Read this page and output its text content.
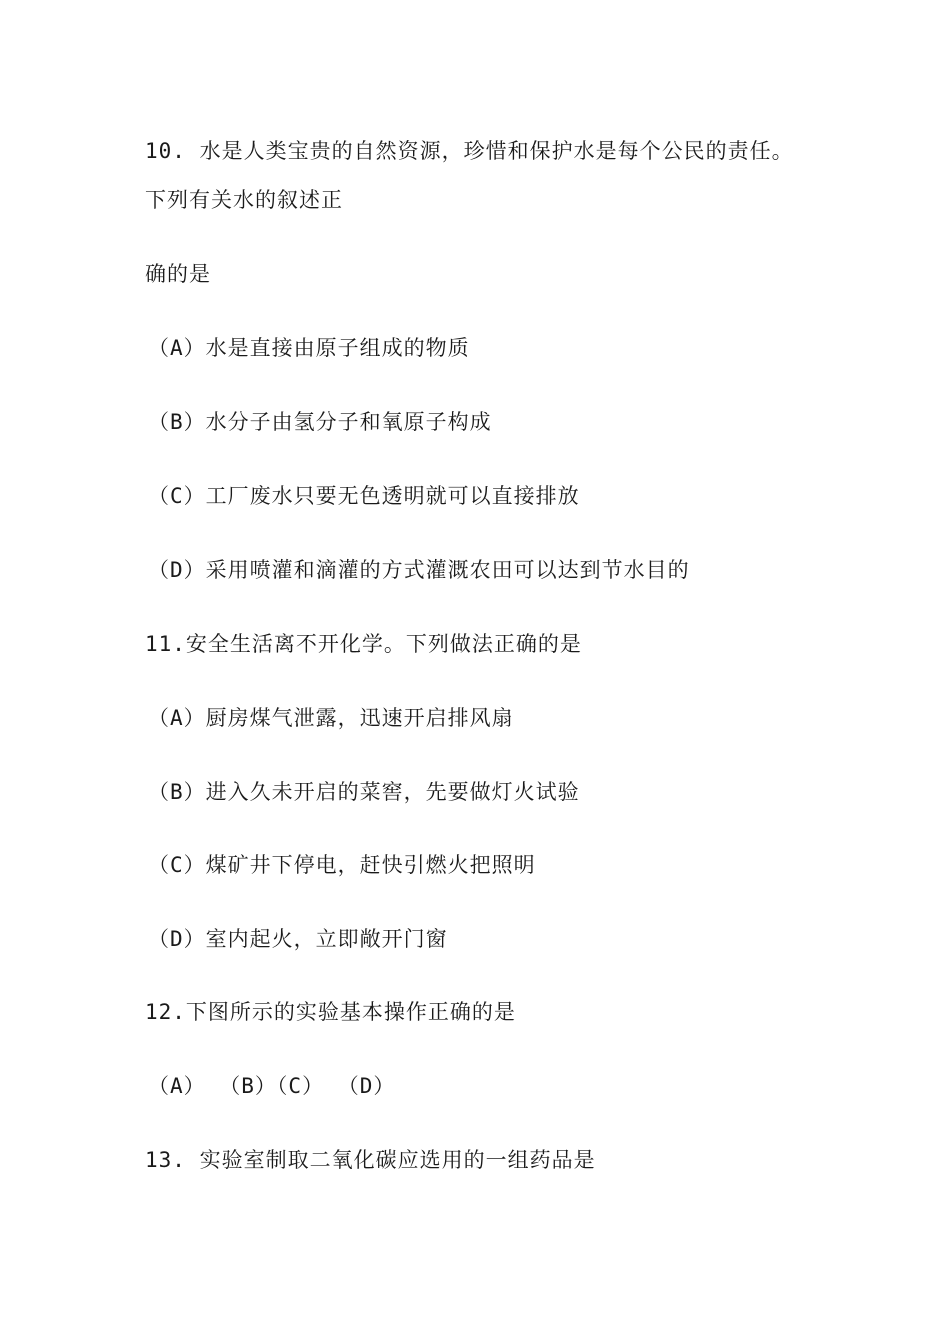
10. 水是人类宝贵的自然资源，珍惜和保护水是每个公民的责任。
下列有关水的叙述正
确的是
（A）水是直接由原子组成的物质
（B）水分子由氢分子和氧原子构成
（C）工厂废水只要无色透明就可以直接排放
（D）采用喷灌和滴灌的方式灌溉农田可以达到节水目的
11.安全生活离不开化学。下列做法正确的是
（A）厨房煤气泄露，迅速开启排风扇
（B）进入久未开启的菜窖，先要做灯火试验
（C）煤矿井下停电，赶快引燃火把照明
（D）室内起火，立即敞开门窗
12.下图所示的实验基本操作正确的是
（A） （B）（C） （D）
13. 实验室制取二氧化碳应选用的一组药品是
